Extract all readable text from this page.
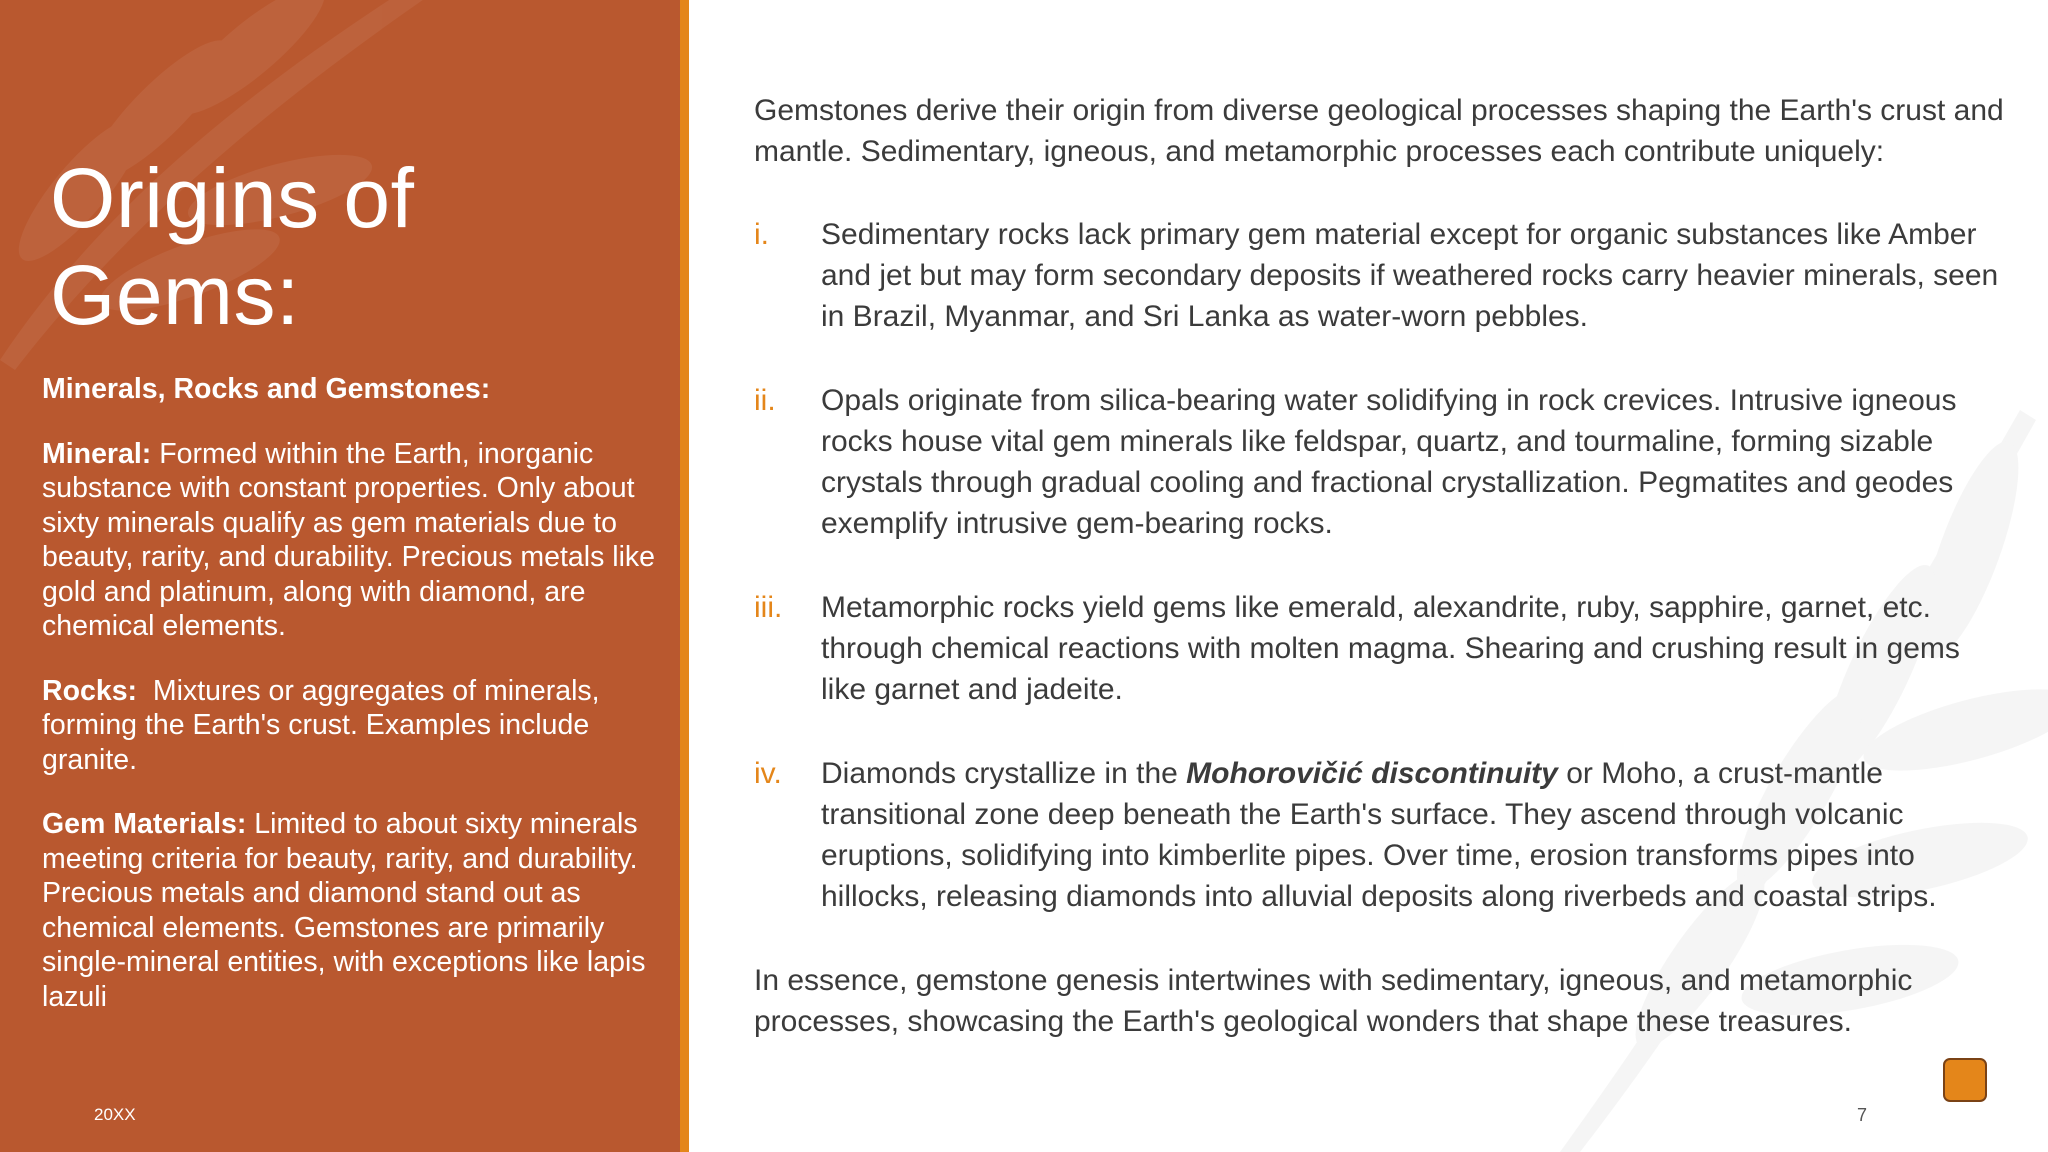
Origins of Gems:

Minerals, Rocks and Gemstones:

Mineral: Formed within the Earth, inorganic substance with constant properties. Only about sixty minerals qualify as gem materials due to beauty, rarity, and durability. Precious metals like gold and platinum, along with diamond, are chemical elements.

Rocks:  Mixtures or aggregates of minerals, forming the Earth's crust. Examples include granite.

Gem Materials: Limited to about sixty minerals meeting criteria for beauty, rarity, and durability. Precious metals and diamond stand out as chemical elements. Gemstones are primarily single-mineral entities, with exceptions like lapis lazuli

20XX

Gemstones derive their origin from diverse geological processes shaping the Earth's crust and mantle. Sedimentary, igneous, and metamorphic processes each contribute uniquely:

i. Sedimentary rocks lack primary gem material except for organic substances like Amber and jet but may form secondary deposits if weathered rocks carry heavier minerals, seen in Brazil, Myanmar, and Sri Lanka as water-worn pebbles.
ii. Opals originate from silica-bearing water solidifying in rock crevices. Intrusive igneous rocks house vital gem minerals like feldspar, quartz, and tourmaline, forming sizable crystals through gradual cooling and fractional crystallization. Pegmatites and geodes exemplify intrusive gem-bearing rocks.
iii. Metamorphic rocks yield gems like emerald, alexandrite, ruby, sapphire, garnet, etc. through chemical reactions with molten magma. Shearing and crushing result in gems like garnet and jadeite.
iv. Diamonds crystallize in the Mohorovičić discontinuity or Moho, a crust-mantle transitional zone deep beneath the Earth's surface. They ascend through volcanic eruptions, solidifying into kimberlite pipes. Over time, erosion transforms pipes into hillocks, releasing diamonds into alluvial deposits along riverbeds and coastal strips.

In essence, gemstone genesis intertwines with sedimentary, igneous, and metamorphic processes, showcasing the Earth's geological wonders that shape these treasures.

7
